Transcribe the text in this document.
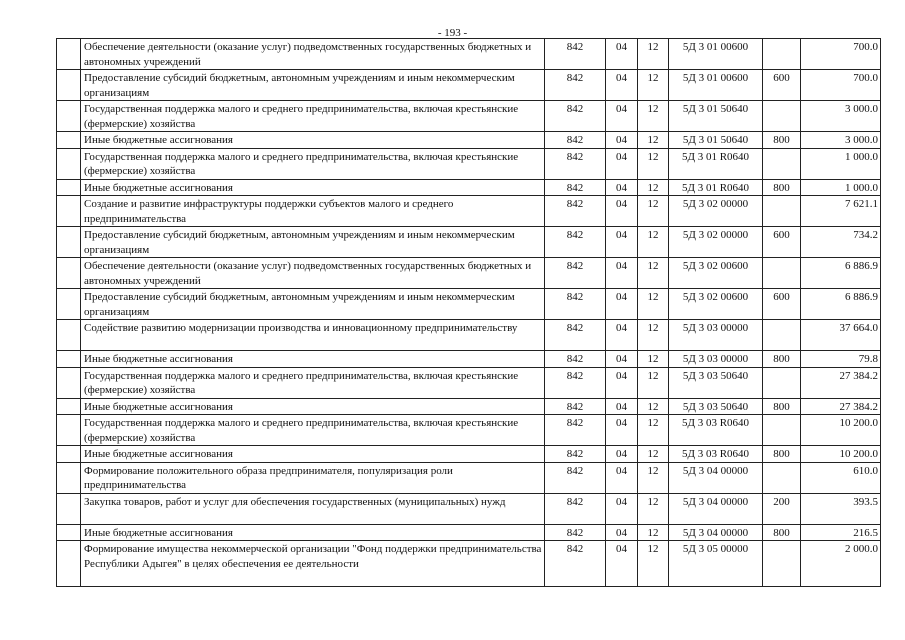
- 193 -
	Обеспечение деятельности (оказание услуг) подведомственных государственных бюджетных и автономных учреждений	842	04	12	5Д 3 01 00600		700.0
	Предоставление субсидий бюджетным, автономным учреждениям и иным некоммерческим организациям	842	04	12	5Д 3 01 00600	600	700.0
	Государственная поддержка малого и среднего предпринимательства, включая крестьянские (фермерские) хозяйства	842	04	12	5Д 3 01 50640		3 000.0
	Иные бюджетные ассигнования	842	04	12	5Д 3 01 50640	800	3 000.0
	Государственная поддержка малого и среднего предпринимательства, включая крестьянские (фермерские) хозяйства	842	04	12	5Д 3 01 R0640		1 000.0
	Иные бюджетные ассигнования	842	04	12	5Д 3 01 R0640	800	1 000.0
	Создание и развитие инфраструктуры поддержки субъектов малого и среднего предпринимательства	842	04	12	5Д 3 02 00000		7 621.1
	Предоставление субсидий бюджетным, автономным учреждениям и иным некоммерческим организациям	842	04	12	5Д 3 02 00000	600	734.2
	Обеспечение деятельности (оказание услуг) подведомственных государственных бюджетных и автономных учреждений	842	04	12	5Д 3 02 00600		6 886.9
	Предоставление субсидий бюджетным, автономным учреждениям и иным некоммерческим организациям	842	04	12	5Д 3 02 00600	600	6 886.9
	Содействие развитию модернизации производства и инновационному предпринимательству	842	04	12	5Д 3 03 00000		37 664.0
	Иные бюджетные ассигнования	842	04	12	5Д 3 03 00000	800	79.8
	Государственная поддержка малого и среднего предпринимательства, включая крестьянские (фермерские) хозяйства	842	04	12	5Д 3 03 50640		27 384.2
	Иные бюджетные ассигнования	842	04	12	5Д 3 03 50640	800	27 384.2
	Государственная поддержка малого и среднего предпринимательства, включая крестьянские (фермерские) хозяйства	842	04	12	5Д 3 03 R0640		10 200.0
	Иные бюджетные ассигнования	842	04	12	5Д 3 03 R0640	800	10 200.0
	Формирование положительного образа предпринимателя, популяризация роли предпринимательства	842	04	12	5Д 3 04 00000		610.0
	Закупка товаров, работ и услуг для обеспечения государственных (муниципальных) нужд	842	04	12	5Д 3 04 00000	200	393.5
	Иные бюджетные ассигнования	842	04	12	5Д 3 04 00000	800	216.5
	Формирование имущества некоммерческой организации "Фонд поддержки предпринимательства Республики Адыгея" в целях обеспечения ее деятельности	842	04	12	5Д 3 05 00000		2 000.0
